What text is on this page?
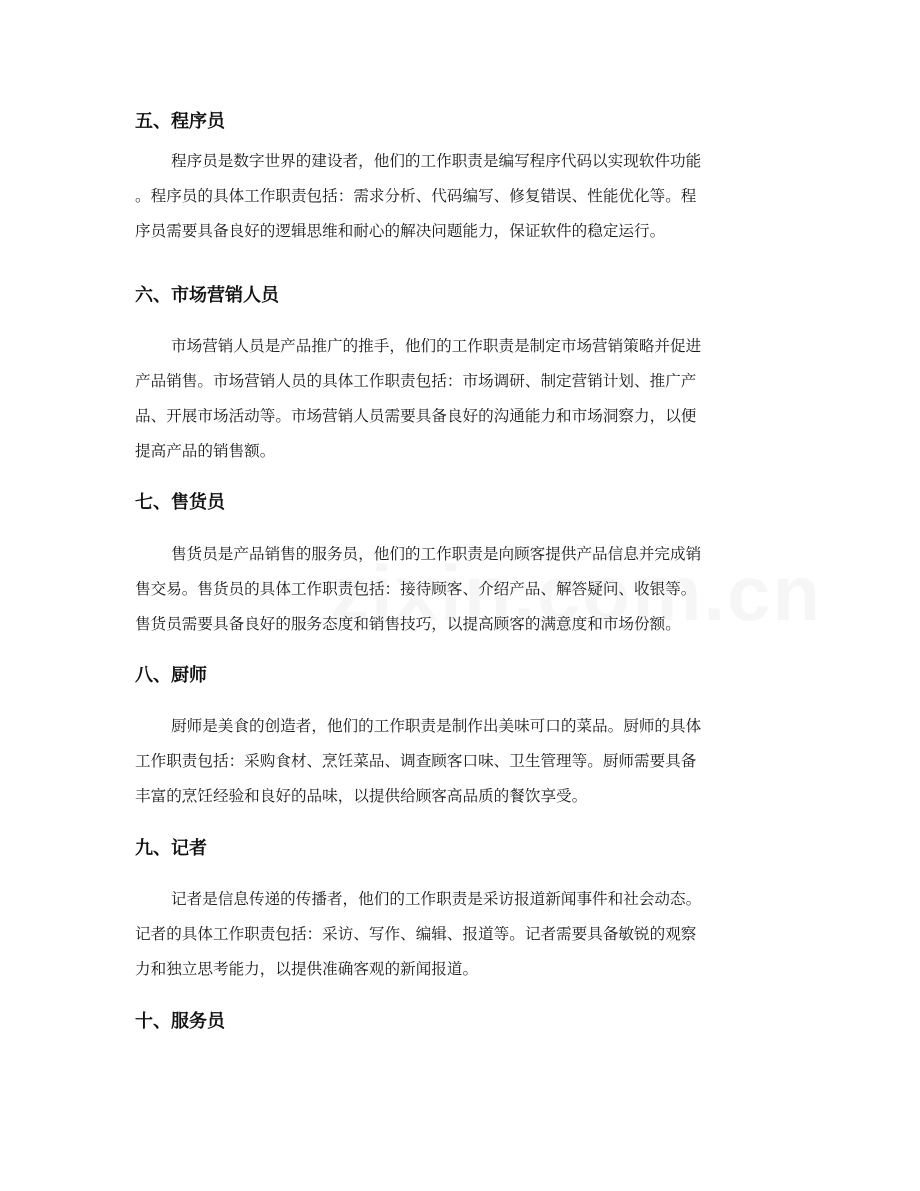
五、程序员
程序员是数字世界的建设者，他们的工作职责是编写程序代码以实现软件功能
。程序员的具体工作职责包括：需求分析、代码编写、修复错误、性能优化等。程
序员需要具备良好的逻辑思维和耐心的解决问题能力，保证软件的稳定运行。
六、市场营销人员
市场营销人员是产品推广的推手，他们的工作职责是制定市场营销策略并促进
产品销售。市场营销人员的具体工作职责包括：市场调研、制定营销计划、推广产
品、开展市场活动等。市场营销人员需要具备良好的沟通能力和市场洞察力，以便
提高产品的销售额。
七、售货员
售货员是产品销售的服务员，他们的工作职责是向顾客提供产品信息并完成销
售交易。售货员的具体工作职责包括：接待顾客、介绍产品、解答疑问、收银等。
售货员需要具备良好的服务态度和销售技巧，以提高顾客的满意度和市场份额。
八、厨师
厨师是美食的创造者，他们的工作职责是制作出美味可口的菜品。厨师的具体
工作职责包括：采购食材、烹饪菜品、调查顾客口味、卫生管理等。厨师需要具备
丰富的烹饪经验和良好的品味，以提供给顾客高品质的餐饮享受。
九、记者
记者是信息传递的传播者，他们的工作职责是采访报道新闻事件和社会动态。
记者的具体工作职责包括：采访、写作、编辑、报道等。记者需要具备敏锐的观察
力和独立思考能力，以提供准确客观的新闻报道。
十、服务员
